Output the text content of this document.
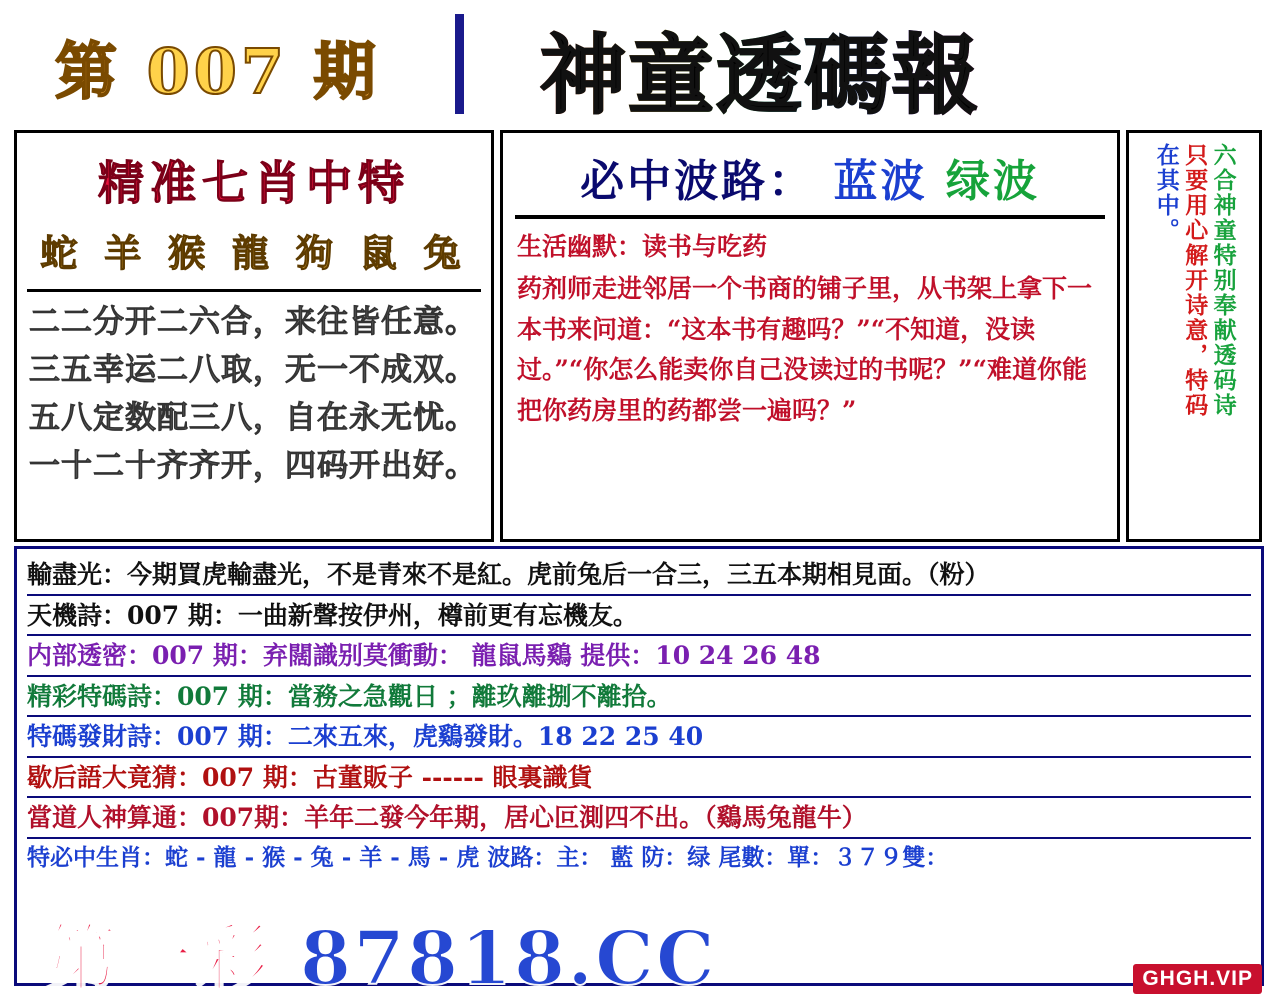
第 007 期 神童透碼報
精准七肖中特
蛇 羊 猴 龍 狗 鼠 兔
二二分开二六合，来往皆任意。
三五幸运二八取，无一不成双。
五八定数配三八，自在永无忧。
一十二十齐齐开，四码开出好。
必中波路： 蓝波 绿波
生活幽默：读书与吃药
药剂师走进邻居一个书商的铺子里，从书架上拿下一本书来问道：“这本书有趣吗？”“不知道，没读过。”“你怎么能卖你自己没读过的书呢？”“难道你能把你药房里的药都尝一遍吗？”	六合神童特别奉献透码诗
只要用心解开诗意，特码
在其中。
輸盡光：今期買虎輸盡光，不是青來不是紅。虎前兔后一合三，三五本期相見面。（粉）
天機詩：007 期：一曲新聲按伊州，樽前更有忘機友。
内部透密：007 期：弃闊識别莫衝動： 龍鼠馬鷄 提供：10 24 26 48
精彩特碼詩：007 期：當務之急觀日 ；離玖離捌不離拾。
特碼發財詩：007 期：二來五來，虎鷄發財。18 22 25 40
歇后語大竟猜：007 期：古董販子 ------ 眼裏識貨
當道人神算通：007期：羊年二發今年期，居心叵測四不出。（鷄馬兔龍牛）
特必中生肖：蛇 - 龍 - 猴 - 兔 - 羊 - 馬 - 虎 波路：主： 藍 防：绿 尾數：單：３７９雙：
第一彩 87818.CC	GHGH.VIP
